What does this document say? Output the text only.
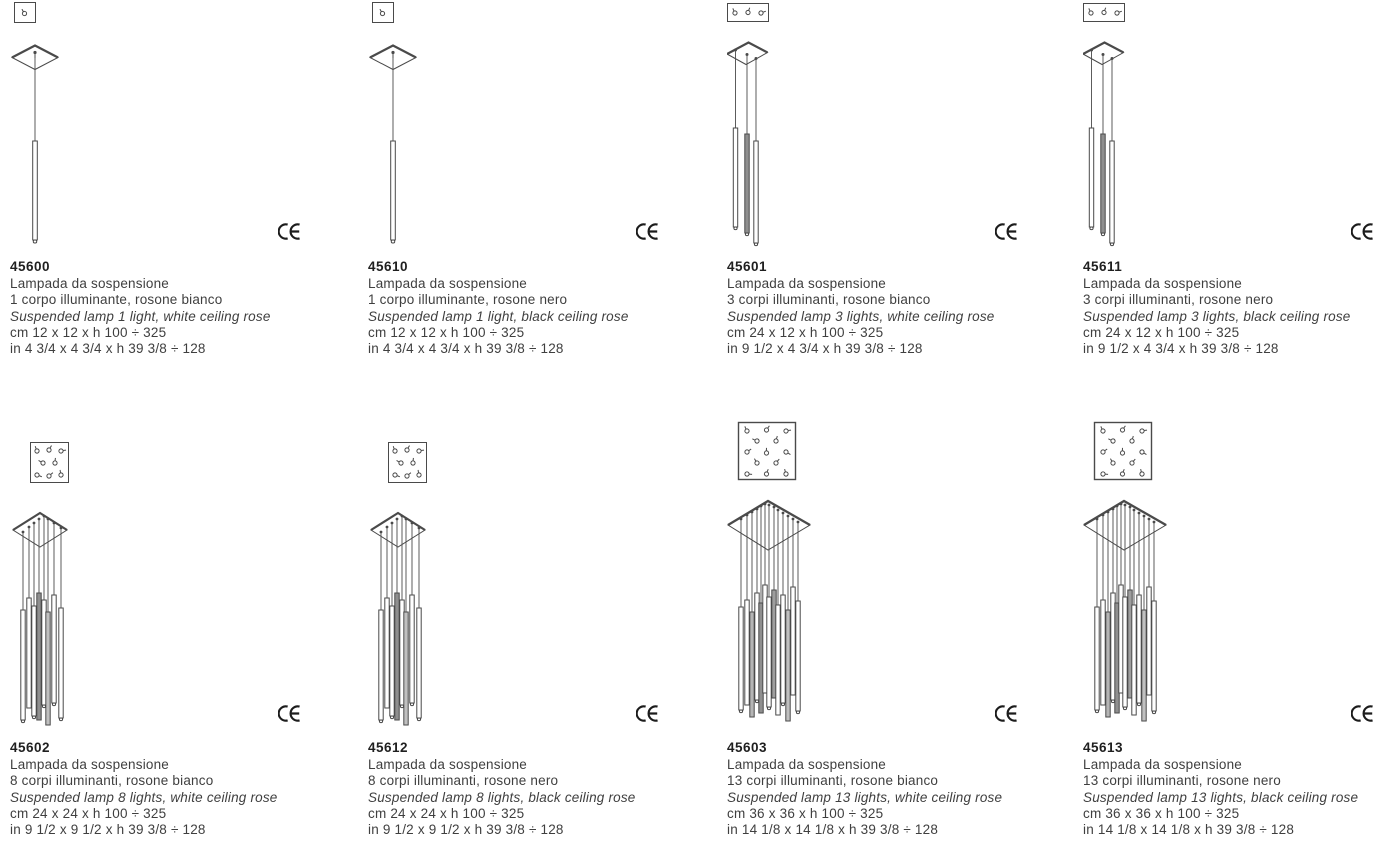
45600
Lampada da sospensione
1 corpo illuminante, rosone bianco
Suspended lamp 1 light, white ceiling rose
cm 12 x 12 x h 100 ÷ 325
in 4 3/4 x 4 3/4 x h 39 3/8 ÷ 128
45610
Lampada da sospensione
1 corpo illuminante, rosone nero
Suspended lamp 1 light, black ceiling rose
cm 12 x 12 x h 100 ÷ 325
in 4 3/4 x 4 3/4 x h 39 3/8 ÷ 128
45601
Lampada da sospensione
3 corpi illuminanti, rosone bianco
Suspended lamp 3 lights, white ceiling rose
cm 24 x 12 x h 100 ÷ 325
in 9 1/2 x 4 3/4 x h 39 3/8 ÷ 128
45611
Lampada da sospensione
3 corpi illuminanti, rosone nero
Suspended lamp 3 lights, black ceiling rose
cm 24 x 12 x h 100 ÷ 325
in 9 1/2 x 4 3/4 x h 39 3/8 ÷ 128
45602
Lampada da sospensione
8 corpi illuminanti, rosone bianco
Suspended lamp 8 lights, white ceiling rose
cm 24 x 24 x h 100 ÷ 325
in 9 1/2 x 9 1/2 x h 39 3/8 ÷ 128
45612
Lampada da sospensione
8 corpi illuminanti, rosone nero
Suspended lamp 8 lights, black ceiling rose
cm 24 x 24 x h 100 ÷ 325
in 9 1/2 x 9 1/2 x h 39 3/8 ÷ 128
45603
Lampada da sospensione
13 corpi illuminanti, rosone bianco
Suspended lamp 13 lights, white ceiling rose
cm 36 x 36 x h 100 ÷ 325
in 14 1/8 x 14 1/8 x h 39 3/8 ÷ 128
45613
Lampada da sospensione
13 corpi illuminanti, rosone nero
Suspended lamp 13 lights, black ceiling rose
cm 36 x 36 x h 100 ÷ 325
in 14 1/8 x 14 1/8 x h 39 3/8 ÷ 128
